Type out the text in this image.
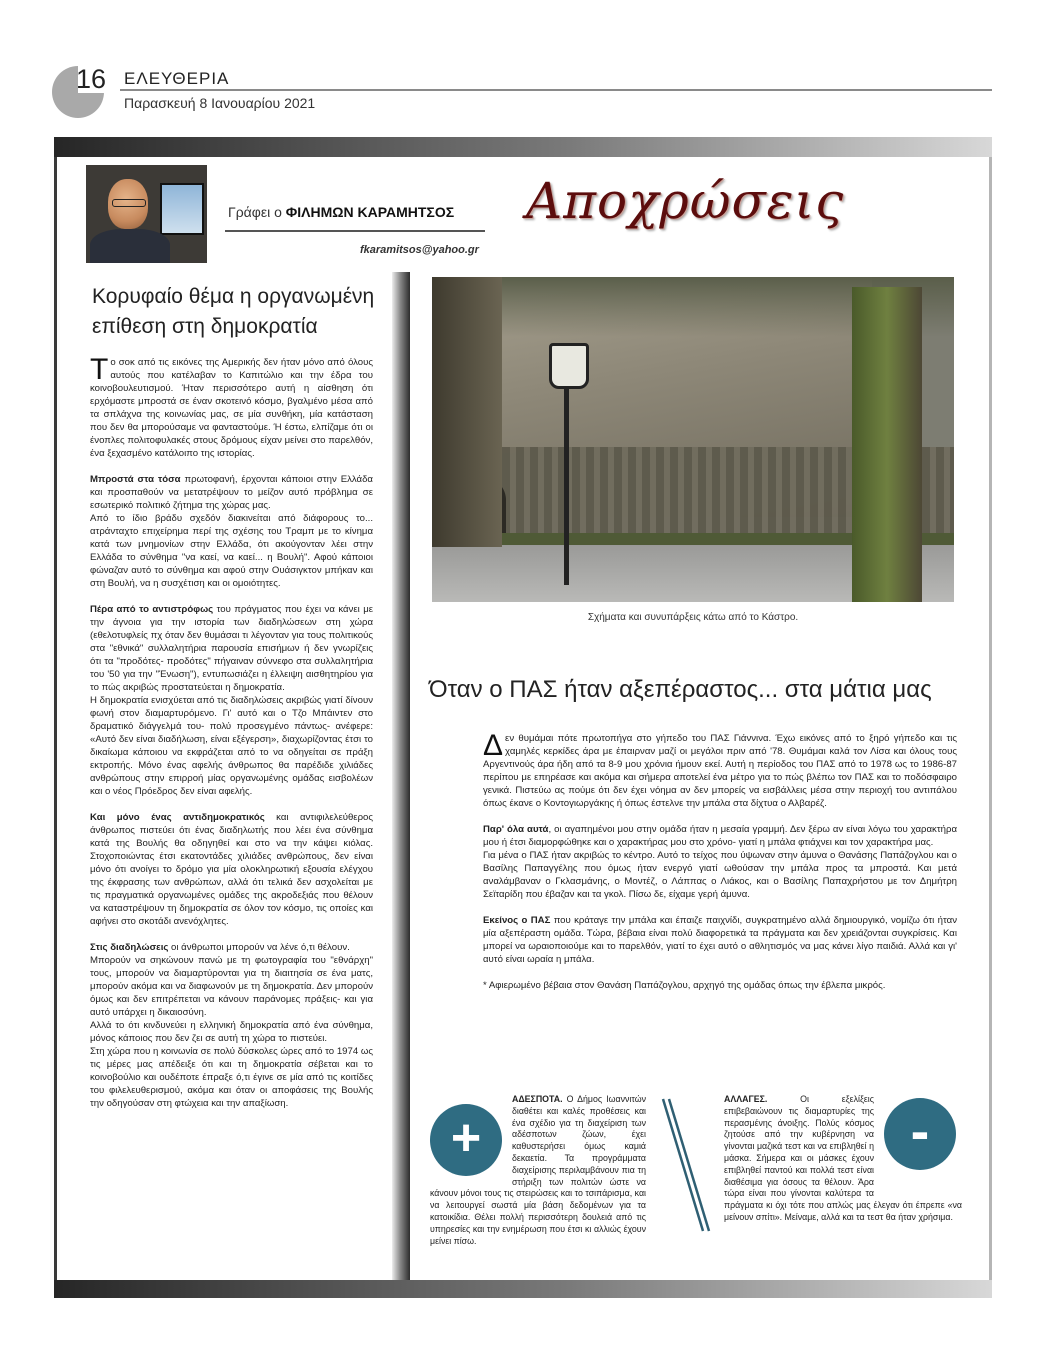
16 ΕΛΕΥΘΕΡΙΑ
Παρασκευή 8 Ιανουαρίου 2021
Γράφει ο ΦΙΛΗΜΩΝ ΚΑΡΑΜΗΤΣΟΣ
fkaramitsos@yahoo.gr
Αποχρώσεις
Κορυφαίο θέμα η οργανωμένη επίθεση στη δημοκρατία

Το σοκ από τις εικόνες της Αμερικής δεν ήταν μόνο από όλους αυτούς που κατέλαβαν το Καπιτώλιο και την έδρα του κοινοβουλευτισμού. Ήταν περισσότερο αυτή η αίσθηση ότι ερχόμαστε μπροστά σε έναν σκοτεινό κόσμο, βγαλμένο μέσα από τα σπλάχνα της κοινωνίας μας, σε μία συνθήκη, μία κατάσταση που δεν θα μπορούσαμε να φανταστούμε. Ή έστω, ελπίζαμε ότι οι ένοπλες πολιτοφυλακές στους δρόμους είχαν μείνει στο παρελθόν, ένα ξεχασμένο κατάλοιπο της ιστορίας.

Μπροστά στα τόσα πρωτοφανή, έρχονται κάποιοι στην Ελλάδα και προσπαθούν να μετατρέψουν το μείζον αυτό πρόβλημα σε εσωτερικό πολιτικό ζήτημα της χώρας μας.

Από το ίδιο βράδυ σχεδόν διακινείται από διάφορους το... ατράνταχτο επιχείρημα περί της σχέσης του Τραμπ με το κίνημα κατά των μνημονίων στην Ελλάδα, ότι ακούγονταν λέει στην Ελλάδα το σύνθημα "να καεί, να καεί... η Βουλή". Αφού κάποιοι φώναζαν αυτό το σύνθημα και αφού στην Ουάσιγκτον μπήκαν και στη Βουλή, να η συσχέτιση και οι ομοιότητες.

Πέρα από το αντιστρόφως του πράγματος που έχει να κάνει με την άγνοια για την ιστορία των διαδηλώσεων στη χώρα (εθελοτυφλείς πχ όταν δεν θυμάσαι τι λέγονταν για τους πολιτικούς στα "εθνικά" συλλαλητήρια παρουσία επισήμων ή δεν γνωρίζεις ότι τα "προδότες- προδότες" πήγαιναν σύννεφο στα συλλαλητήρια του '50 για την "Ένωση"), εντυπωσιάζει η έλλειψη αισθητηρίου για το πώς ακριβώς προστατεύεται η δημοκρατία.

Η δημοκρατία ενισχύεται από τις διαδηλώσεις ακριβώς γιατί δίνουν φωνή στον διαμαρτυρόμενο. Γι' αυτό και ο Τζο Μπάιντεν στο δραματικό διάγγελμά του- πολύ προσεγμένο πάντως- ανέφερε: «Αυτό δεν είναι διαδήλωση, είναι εξέγερση», διαχωρίζοντας έτσι το δικαίωμα κάποιου να εκφράζεται από το να οδηγείται σε πράξη εκτροπής. Μόνο ένας αφελής άνθρωπος θα παρέδιδε χιλιάδες ανθρώπους στην επιρροή μίας οργανωμένης ομάδας εισβολέων και ο νέος Πρόεδρος δεν είναι αφελής.

Και μόνο ένας αντιδημοκρατικός και αντιφιλελεύθερος άνθρωπος πιστεύει ότι ένας διαδηλωτής που λέει ένα σύνθημα κατά της Βουλής θα οδηγηθεί και στο να την κάψει κιόλας. Στοχοποιώντας έτσι εκατοντάδες χιλιάδες ανθρώπους, δεν είναι μόνο ότι ανοίγει το δρόμο για μία ολοκληρωτική εξουσία ελέγχου της έκφρασης των ανθρώπων, αλλά ότι τελικά δεν ασχολείται με τις πραγματικά οργανωμένες ομάδες της ακροδεξιάς που θέλουν να καταστρέψουν τη δημοκρατία σε όλον τον κόσμο, τις οποίες και αφήνει στο σκοτάδι ανενόχλητες.

Στις διαδηλώσεις οι άνθρωποι μπορούν να λένε ό,τι θέλουν.

Μπορούν να σηκώνουν πανώ με τη φωτογραφία του "εθνάρχη" τους, μπορούν να διαμαρτύρονται για τη διαιτησία σε ένα ματς, μπορούν ακόμα και να διαφωνούν με τη δημοκρατία. Δεν μπορούν όμως και δεν επιτρέπεται να κάνουν παράνομες πράξεις- και για αυτό υπάρχει η δικαιοσύνη.

Αλλά το ότι κινδυνεύει η ελληνική δημοκρατία από ένα σύνθημα, μόνος κάποιος που δεν ζει σε αυτή τη χώρα το πιστεύει.

Στη χώρα που η κοινωνία σε πολύ δύσκολες ώρες από το 1974 ως τις μέρες μας απέδειξε ότι και τη δημοκρατία σέβεται και το κοινοβούλιο και ουδέποτε έπραξε ό,τι έγινε σε μία από τις κοιτίδες του φιλελευθερισμού, ακόμα και όταν οι αποφάσεις της Βουλής την οδηγούσαν στη φτώχεια και την απαξίωση.

Σχήματα και συνυπάρξεις κάτω από το Κάστρο.
Όταν ο ΠΑΣ ήταν αξεπέραστος... στα μάτια μας

Δεν θυμάμαι πότε πρωτοπήγα στο γήπεδο του ΠΑΣ Γιάννινα. Έχω εικόνες από το ξηρό γήπεδο και τις χαμηλές κερκίδες άρα με έπαιρναν μαζί οι μεγάλοι πριν από '78. Θυμάμαι καλά τον Λίσα και όλους τους Αργεντινούς άρα ήδη από τα 8-9 μου χρόνια ήμουν εκεί. Αυτή η περίοδος του ΠΑΣ από το 1978 ως το 1986-87 περίπου με επηρέασε και ακόμα και σήμερα αποτελεί ένα μέτρο για το πώς βλέπω τον ΠΑΣ και το ποδόσφαιρο γενικά. Πιστεύω ας πούμε ότι δεν έχει νόημα αν δεν μπορείς να εισβάλλεις μέσα στην περιοχή του αντιπάλου όπως έκανε ο Κοντογιωργάκης ή όπως έστελνε την μπάλα στα δίχτυα ο Αλβαρέζ.

Παρ' όλα αυτά, οι αγαπημένοι μου στην ομάδα ήταν η μεσαία γραμμή. Δεν ξέρω αν είναι λόγω του χαρακτήρα μου ή έτσι διαμορφώθηκε και ο χαρακτήρας μου στο χρόνο- γιατί η μπάλα φτιάχνει και τον χαρακτήρα μας.

Για μένα ο ΠΑΣ ήταν ακριβώς το κέντρο. Αυτό το τείχος που ύψωναν στην άμυνα ο Θανάσης Παπάζογλου και ο Βασίλης Παπαγγέλης που όμως ήταν ενεργό γιατί ωθούσαν την μπάλα προς τα μπροστά. Και μετά αναλάμβαναν ο Γκλασμάνης, ο Μοντέζ, ο Λάππας ο Λιάκος, και ο Βασίλης Παπαχρήστου με τον Δημήτρη Σεϊταρίδη που έβαζαν και τα γκολ. Πίσω δε, είχαμε γερή άμυνα.

Εκείνος ο ΠΑΣ που κράταγε την μπάλα και έπαιζε παιχνίδι, συγκρατημένο αλλά δημιουργικό, νομίζω ότι ήταν μία αξεπέραστη ομάδα. Τώρα, βέβαια είναι πολύ διαφορετικά τα πράγματα και δεν χρειάζονται συγκρίσεις. Και μπορεί να ωραιοποιούμε και το παρελθόν, γιατί το έχει αυτό ο αθλητισμός να μας κάνει λίγο παιδιά. Αλλά και γι' αυτό είναι ωραία η μπάλα.

* Αφιερωμένο βέβαια στον Θανάση Παπάζογλου, αρχηγό της ομάδας όπως την έβλεπα μικρός.

ΑΔΕΣΠΟΤΑ. Ο Δήμος Ιωαννιτών διαθέτει και καλές προθέσεις και ένα σχέδιο για τη διαχείριση των αδέσποτων ζώων, έχει καθυστερήσει όμως καμιά δεκαετία. Τα προγράμματα διαχείρισης περιλαμβάνουν πια τη στήριξη των πολιτών ώστε να κάνουν μόνοι τους τις στειρώσεις και το τσιπάρισμα, και να λειτουργεί σωστά μία βάση δεδομένων για τα κατοικίδια. Θέλει πολλή περισσότερη δουλειά από τις υπηρεσίες και την ενημέρωση που έτσι κι αλλιώς έχουν μείνει πίσω.
+
ΑΛΛΑΓΕΣ. Οι εξελίξεις επιβεβαιώνουν τις διαμαρτυρίες της περασμένης άνοιξης. Πολύς κόσμος ζητούσε από την κυβέρνηση να γίνονται μαζικά τεστ και να επιβληθεί η μάσκα. Σήμερα και οι μάσκες έχουν επιβληθεί παντού και πολλά τεστ είναι διαθέσιμα για όσους τα θέλουν. Άρα τώρα είναι που γίνονται καλύτερα τα πράγματα κι όχι τότε που απλώς μας έλεγαν ότι έπρεπε «να μείνουν σπίτι». Μείναμε, αλλά και τα τεστ θα ήταν χρήσιμα.
-
